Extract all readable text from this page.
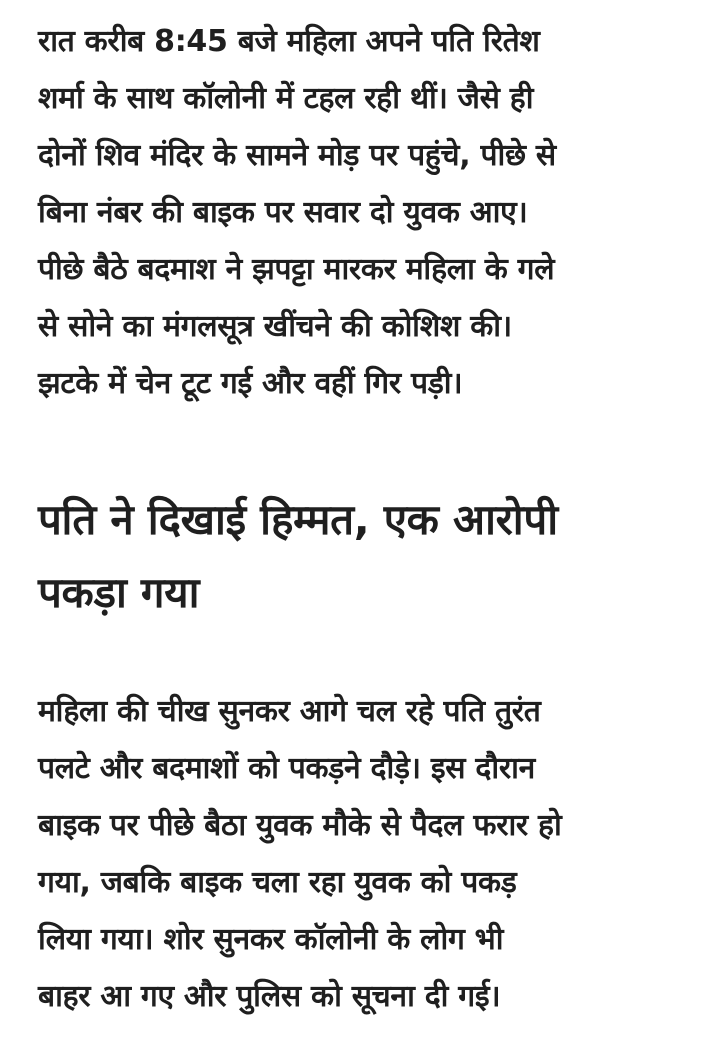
रात करीब 8:45 बजे महिला अपने पति रितेश
शर्मा के साथ कॉलोनी में टहल रही थीं। जैसे ही
दोनों शिव मंदिर के सामने मोड़ पर पहुंचे, पीछे से
बिना नंबर की बाइक पर सवार दो युवक आए।
पीछे बैठे बदमाश ने झपट्टा मारकर महिला के गले
से सोने का मंगलसूत्र खींचने की कोशिश की।
झटके में चेन टूट गई और वहीं गिर पड़ी।

पति ने दिखाई हिम्मत, एक आरोपी
पकड़ा गया

महिला की चीख सुनकर आगे चल रहे पति तुरंत
पलटे और बदमाशों को पकड़ने दौड़े। इस दौरान
बाइक पर पीछे बैठा युवक मौके से पैदल फरार हो
गया, जबकि बाइक चला रहा युवक को पकड़
लिया गया। शोर सुनकर कॉलोनी के लोग भी
बाहर आ गए और पुलिस को सूचना दी गई।
